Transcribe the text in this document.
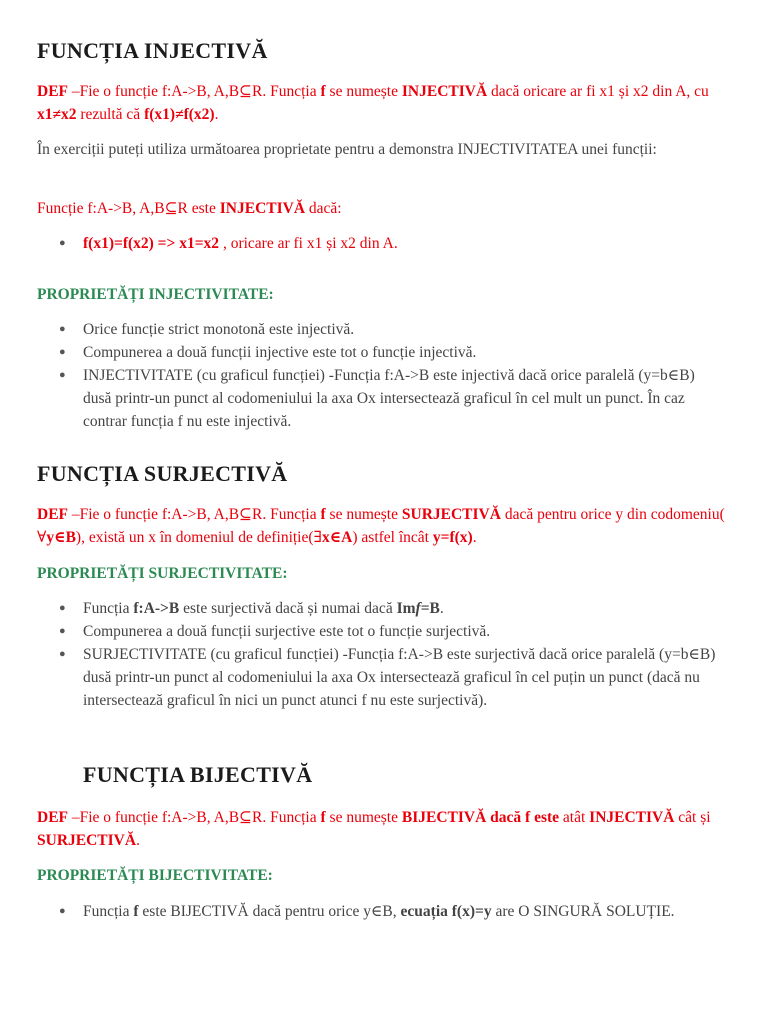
FUNCȚIA INJECTIVĂ

DEF –Fie o funcție f:A->B, A,B⊆R. Funcția f se numește INJECTIVĂ dacă oricare ar fi x1 și x2 din A, cu x1≠x2 rezultă că f(x1)≠f(x2).

În exerciții puteți utiliza următoarea proprietate pentru a demonstra INJECTIVITATEA unei funcții:

Funcție f:A->B, A,B⊆R este INJECTIVĂ dacă:

● f(x1)=f(x2) => x1=x2 , oricare ar fi x1 și x2 din A.

PROPRIETĂȚI INJECTIVITATE:

● Orice funcție strict monotonă este injectivă.
● Compunerea a două funcții injective este tot o funcție injectivă.
● INJECTIVITATE (cu graficul funcției) -Funcția f:A->B este injectivă dacă orice paralelă (y=b∈B) dusă printr-un punct al codomeniului la axa Ox intersectează graficul în cel mult un punct. În caz contrar funcția f nu este injectivă.
FUNCȚIA SURJECTIVĂ

DEF –Fie o funcție f:A->B, A,B⊆R. Funcția f se numește SURJECTIVĂ dacă pentru orice y din codomeniu( ∀y∈B), există un x în domeniul de definiție(∃x∈A) astfel încât y=f(x).

PROPRIETĂȚI SURJECTIVITATE:

● Funcția f:A->B este surjectivă dacă și numai dacă Imf=B.
● Compunerea a două funcții surjective este tot o funcție surjectivă.
● SURJECTIVITATE (cu graficul funcției) -Funcția f:A->B este surjectivă dacă orice paralelă (y=b∈B) dusă printr-un punct al codomeniului la axa Ox intersectează graficul în cel puțin un punct (dacă nu intersectează graficul în nici un punct atunci f nu este surjectivă).
FUNCȚIA BIJECTIVĂ

DEF –Fie o funcție f:A->B, A,B⊆R. Funcția f se numește BIJECTIVĂ dacă f este atât INJECTIVĂ cât și SURJECTIVĂ.

PROPRIETĂȚI BIJECTIVITATE:

● Funcția f este BIJECTIVĂ dacă pentru orice y∈B, ecuația f(x)=y are O SINGURĂ SOLUȚIE.
